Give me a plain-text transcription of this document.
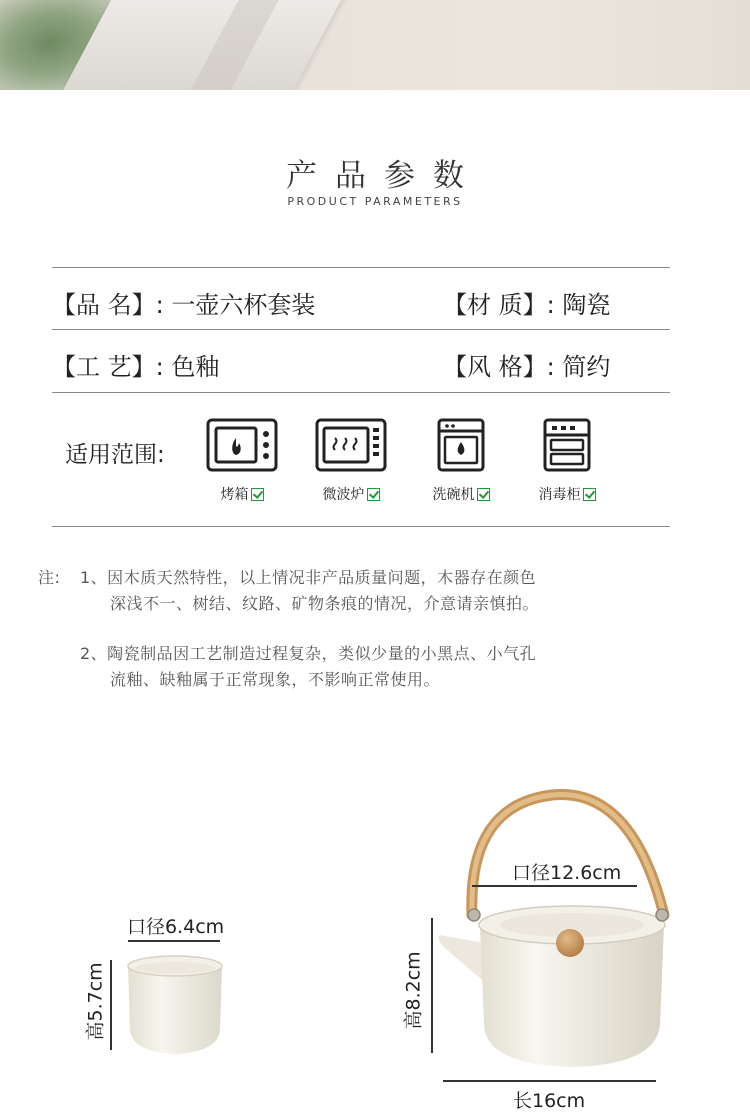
产品参数
PRODUCT PARAMETERS
【品 名】: 一壶六杯套装	【材 质】: 陶瓷
【工 艺】: 色釉	【风 格】: 简约
适用范围:
烤箱	微波炉	洗碗机	消毒柜
注: 1、因木质天然特性，以上情况非产品质量问题，木器存在颜色
深浅不一、树结、纹路、矿物条痕的情况，介意请亲慎拍。
2、陶瓷制品因工艺制造过程复杂，类似少量的小黑点、小气孔
流釉、缺釉属于正常现象，不影响正常使用。
口径6.4cm
高5.7cm
口径12.6cm
高8.2cm
长16cm
